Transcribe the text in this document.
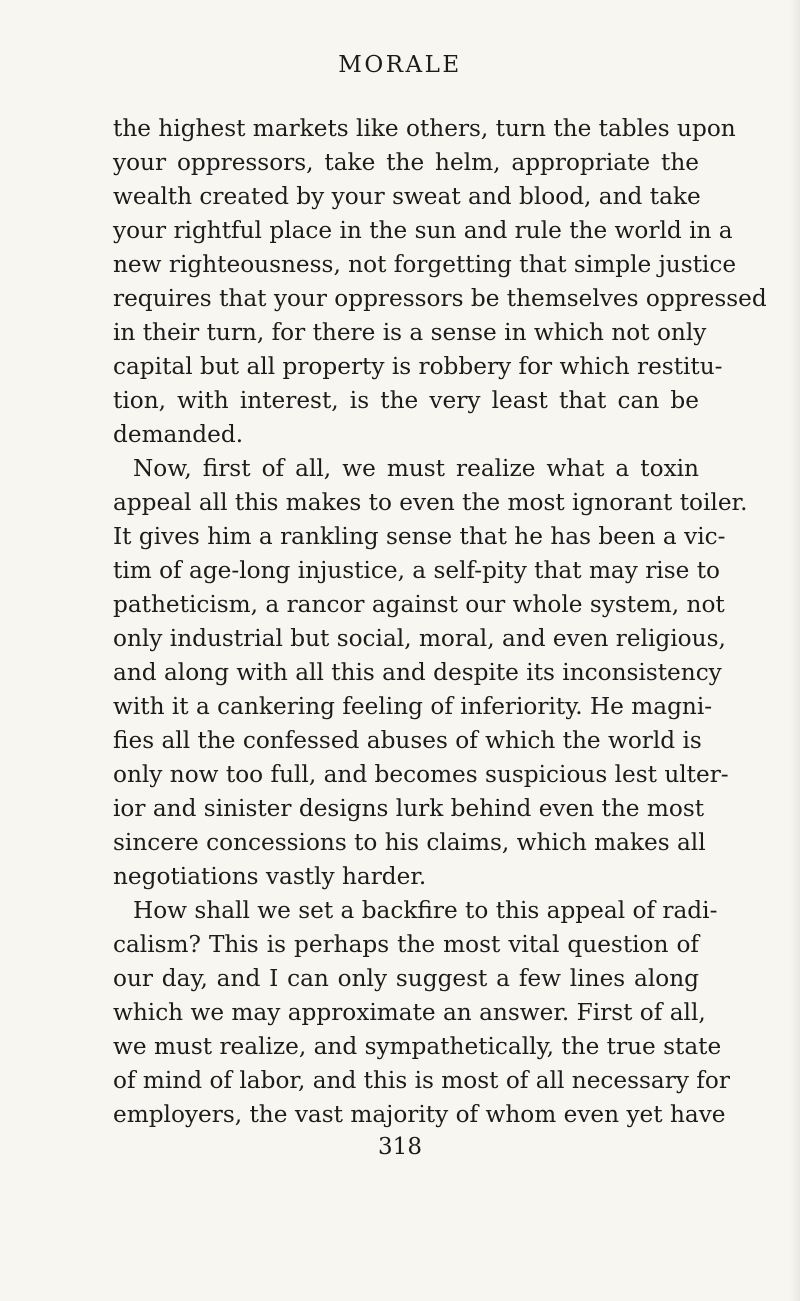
MORALE
the highest markets like others, turn the tables upon
your oppressors, take the helm, appropriate the
wealth created by your sweat and blood, and take
your rightful place in the sun and rule the world in a
new righteousness, not forgetting that simple justice
requires that your oppressors be themselves oppressed
in their turn, for there is a sense in which not only
capital but all property is robbery for which restitu-
tion, with interest, is the very least that can be
demanded.
Now, first of all, we must realize what a toxin
appeal all this makes to even the most ignorant toiler.
It gives him a rankling sense that he has been a vic-
tim of age-long injustice, a self-pity that may rise to
patheticism, a rancor against our whole system, not
only industrial but social, moral, and even religious,
and along with all this and despite its inconsistency
with it a cankering feeling of inferiority. He magni-
fies all the confessed abuses of which the world is
only now too full, and becomes suspicious lest ulter-
ior and sinister designs lurk behind even the most
sincere concessions to his claims, which makes all
negotiations vastly harder.
How shall we set a backfire to this appeal of radi-
calism? This is perhaps the most vital question of
our day, and I can only suggest a few lines along
which we may approximate an answer. First of all,
we must realize, and sympathetically, the true state
of mind of labor, and this is most of all necessary for
employers, the vast majority of whom even yet have
318
